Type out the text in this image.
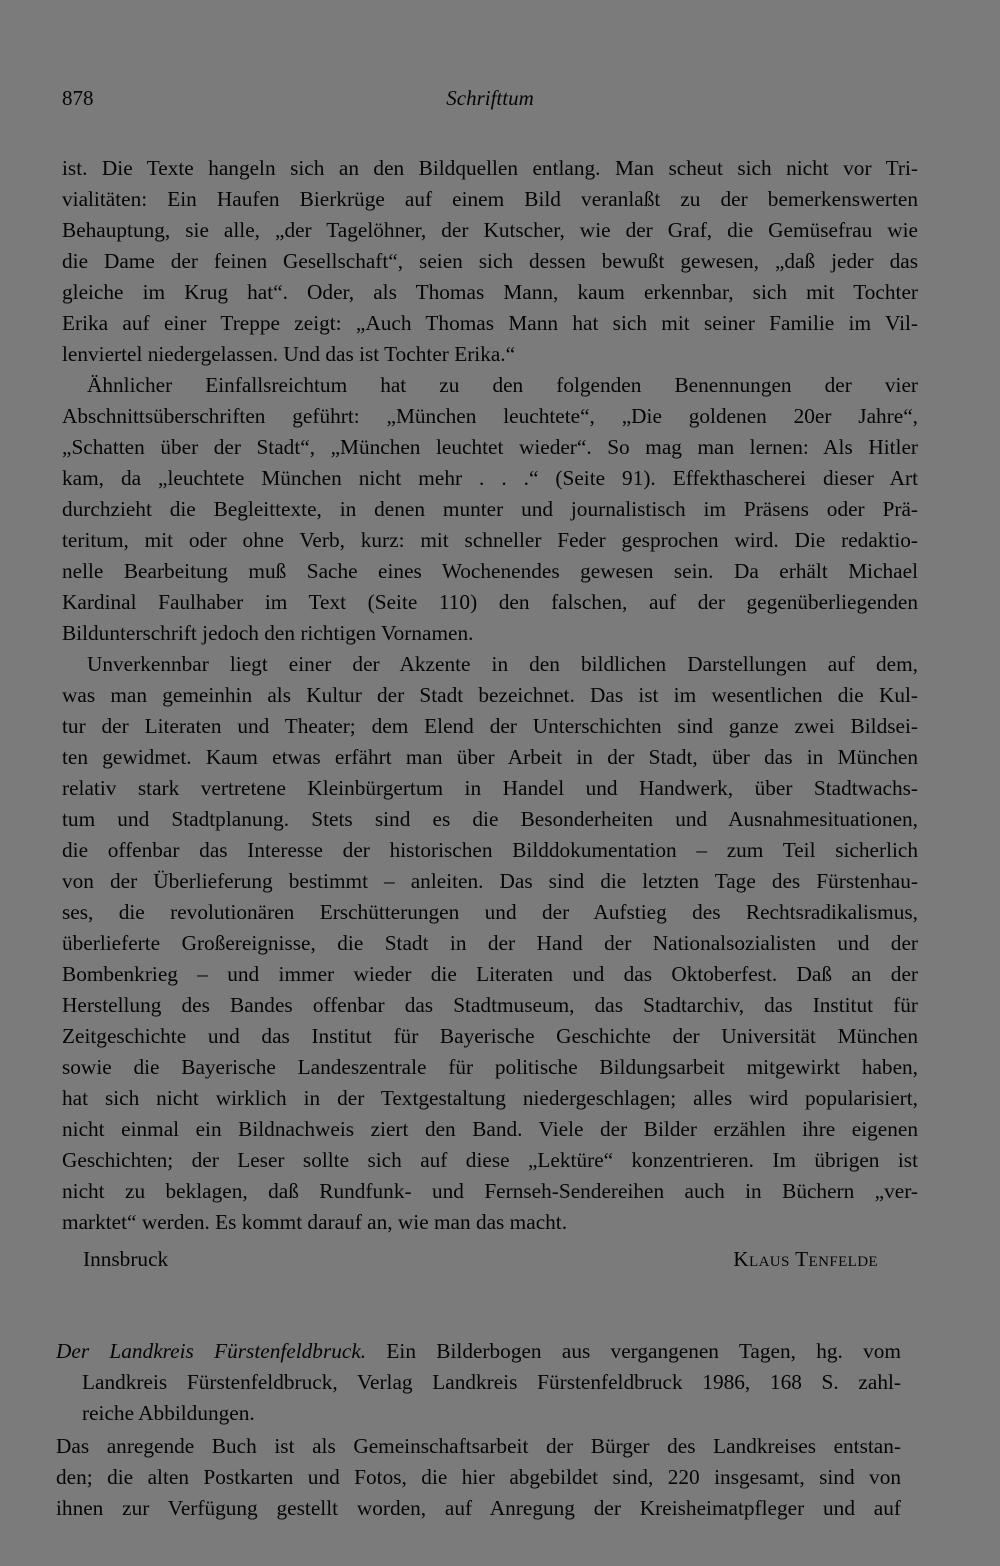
878	Schrifttum
ist. Die Texte hangeln sich an den Bildquellen entlang. Man scheut sich nicht vor Tri-
vialitäten: Ein Haufen Bierkrüge auf einem Bild veranlaßt zu der bemerkenswerten
Behauptung, sie alle, „der Tagelöhner, der Kutscher, wie der Graf, die Gemüsefrau wie
die Dame der feinen Gesellschaft“, seien sich dessen bewußt gewesen, „daß jeder das
gleiche im Krug hat“. Oder, als Thomas Mann, kaum erkennbar, sich mit Tochter
Erika auf einer Treppe zeigt: „Auch Thomas Mann hat sich mit seiner Familie im Vil-
lenviertel niedergelassen. Und das ist Tochter Erika.“
Ähnlicher Einfallsreichtum hat zu den folgenden Benennungen der vier
Abschnittsüberschriften geführt: „München leuchtete“, „Die goldenen 20er Jahre“,
„Schatten über der Stadt“, „München leuchtet wieder“. So mag man lernen: Als Hitler
kam, da „leuchtete München nicht mehr . . .“ (Seite 91). Effekthascherei dieser Art
durchzieht die Begleittexte, in denen munter und journalistisch im Präsens oder Prä-
teritum, mit oder ohne Verb, kurz: mit schneller Feder gesprochen wird. Die redaktio-
nelle Bearbeitung muß Sache eines Wochenendes gewesen sein. Da erhält Michael
Kardinal Faulhaber im Text (Seite 110) den falschen, auf der gegenüberliegenden
Bildunterschrift jedoch den richtigen Vornamen.
Unverkennbar liegt einer der Akzente in den bildlichen Darstellungen auf dem,
was man gemeinhin als Kultur der Stadt bezeichnet. Das ist im wesentlichen die Kul-
tur der Literaten und Theater; dem Elend der Unterschichten sind ganze zwei Bildsei-
ten gewidmet. Kaum etwas erfährt man über Arbeit in der Stadt, über das in München
relativ stark vertretene Kleinbürgertum in Handel und Handwerk, über Stadtwachs-
tum und Stadtplanung. Stets sind es die Besonderheiten und Ausnahmesituationen,
die offenbar das Interesse der historischen Bilddokumentation – zum Teil sicherlich
von der Überlieferung bestimmt – anleiten. Das sind die letzten Tage des Fürstenhau-
ses, die revolutionären Erschütterungen und der Aufstieg des Rechtsradikalismus,
überlieferte Großereignisse, die Stadt in der Hand der Nationalsozialisten und der
Bombenkrieg – und immer wieder die Literaten und das Oktoberfest. Daß an der
Herstellung des Bandes offenbar das Stadtmuseum, das Stadtarchiv, das Institut für
Zeitgeschichte und das Institut für Bayerische Geschichte der Universität München
sowie die Bayerische Landeszentrale für politische Bildungsarbeit mitgewirkt haben,
hat sich nicht wirklich in der Textgestaltung niedergeschlagen; alles wird popularisiert,
nicht einmal ein Bildnachweis ziert den Band. Viele der Bilder erzählen ihre eigenen
Geschichten; der Leser sollte sich auf diese „Lektüre“ konzentrieren. Im übrigen ist
nicht zu beklagen, daß Rundfunk- und Fernseh-Sendereihen auch in Büchern „ver-
marktet“ werden. Es kommt darauf an, wie man das macht.
Innsbruck	Klaus Tenfelde
Der Landkreis Fürstenfeldbruck. Ein Bilderbogen aus vergangenen Tagen, hg. vom
Landkreis Fürstenfeldbruck, Verlag Landkreis Fürstenfeldbruck 1986, 168 S. zahl-
reiche Abbildungen.
Das anregende Buch ist als Gemeinschaftsarbeit der Bürger des Landkreises entstan-
den; die alten Postkarten und Fotos, die hier abgebildet sind, 220 insgesamt, sind von
ihnen zur Verfügung gestellt worden, auf Anregung der Kreisheimatpfleger und auf
